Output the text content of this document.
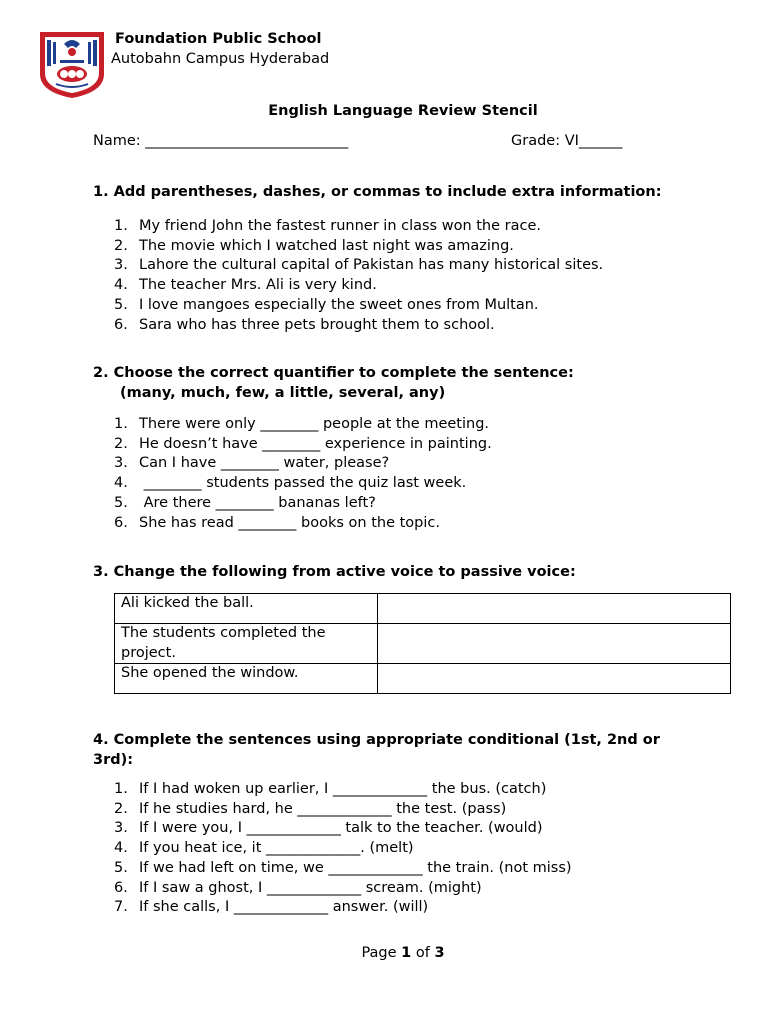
Foundation Public School
Autobahn Campus Hyderabad
English Language Review Stencil
Name: ____________________________	Grade: VI______
1. Add parentheses, dashes, or commas to include extra information:
1. My friend John the fastest runner in class won the race.
2. The movie which I watched last night was amazing.
3. Lahore the cultural capital of Pakistan has many historical sites.
4. The teacher Mrs. Ali is very kind.
5. I love mangoes especially the sweet ones from Multan.
6. Sara who has three pets brought them to school.
2. Choose the correct quantifier to complete the sentence:
(many, much, few, a little, several, any)
1. There were only ________ people at the meeting.
2. He doesn’t have ________ experience in painting.
3. Can I have ________ water, please?
4. ________ students passed the quiz last week.
5. Are there ________ bananas left?
6. She has read ________ books on the topic.
3. Change the following from active voice to passive voice:
Ali kicked the ball.	
The students completed the project.	
She opened the window.	
4. Complete the sentences using appropriate conditional (1st, 2nd or
3rd):
1. If I had woken up earlier, I _____________ the bus. (catch)
2. If he studies hard, he _____________ the test. (pass)
3. If I were you, I _____________ talk to the teacher. (would)
4. If you heat ice, it _____________. (melt)
5. If we had left on time, we _____________ the train. (not miss)
6. If I saw a ghost, I _____________ scream. (might)
7. If she calls, I _____________ answer. (will)
Page 1 of 3
